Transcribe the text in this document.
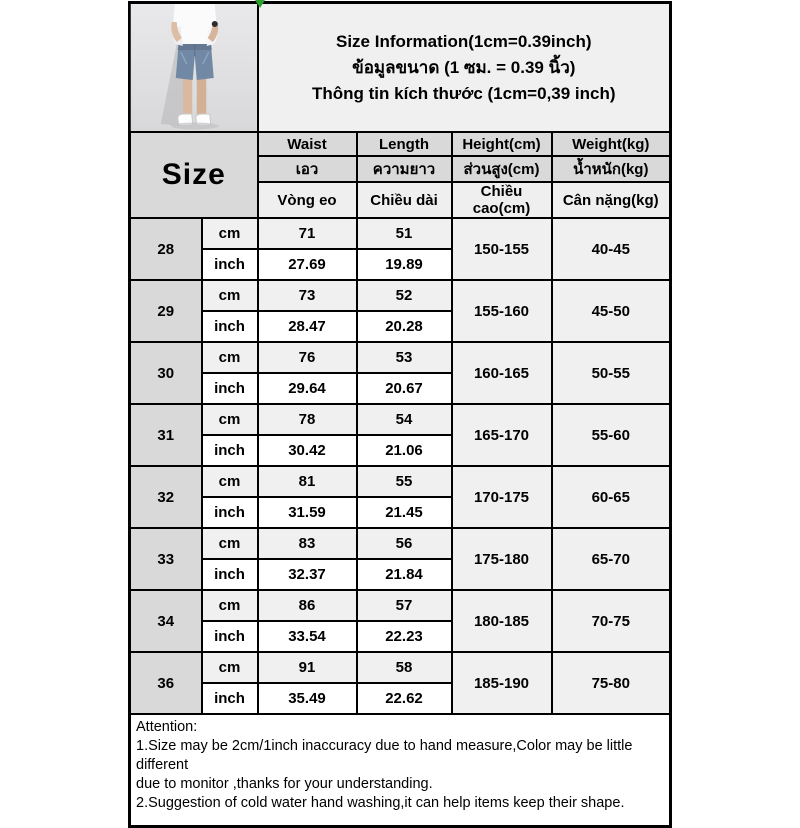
Size Information(1cm=0.39inch)
ข้อมูลขนาด (1 ซม. = 0.39 นิ้ว)
Thông tin kích thước (1cm=0,39 inch)			

Size		Waist	Length	Height(cm)	Weight(kg)
		เอว	ความยาว	ส่วนสูง(cm)	น้ำหนัก(kg)
		Vòng eo	Chiều dài	Chiều cao(cm)	Cân nặng(kg)
28	cm	71	51	150-155	40-45
	inch	27.69	19.89		
29	cm	73	52	155-160	45-50
	inch	28.47	20.28		
30	cm	76	53	160-165	50-55
	inch	29.64	20.67		
31	cm	78	54	165-170	55-60
	inch	30.42	21.06		
32	cm	81	55	170-175	60-65
	inch	31.59	21.45		
33	cm	83	56	175-180	65-70
	inch	32.37	21.84		
34	cm	86	57	180-185	70-75
	inch	33.54	22.23		
36	cm	91	58	185-190	75-80
	inch	35.49	22.62		

Attention:
1.Size may be 2cm/1inch inaccuracy due to hand measure,Color may be little different
due to monitor ,thanks for your understanding.
2.Suggestion of cold water hand washing,it can help items keep their shape.					
